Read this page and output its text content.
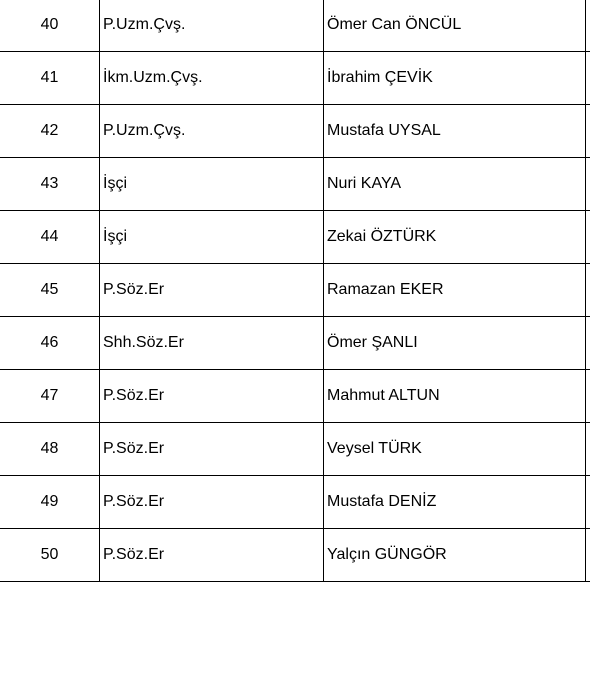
40	P.Uzm.Çvş.	Ömer Can ÖNCÜL	
41	İkm.Uzm.Çvş.	İbrahim ÇEVİK	
42	P.Uzm.Çvş.	Mustafa UYSAL	
43	İşçi	Nuri KAYA	
44	İşçi	Zekai ÖZTÜRK	
45	P.Söz.Er	Ramazan EKER	
46	Shh.Söz.Er	Ömer ŞANLI	
47	P.Söz.Er	Mahmut ALTUN	
48	P.Söz.Er	Veysel TÜRK	
49	P.Söz.Er	Mustafa DENİZ	
50	P.Söz.Er	Yalçın GÜNGÖR	
